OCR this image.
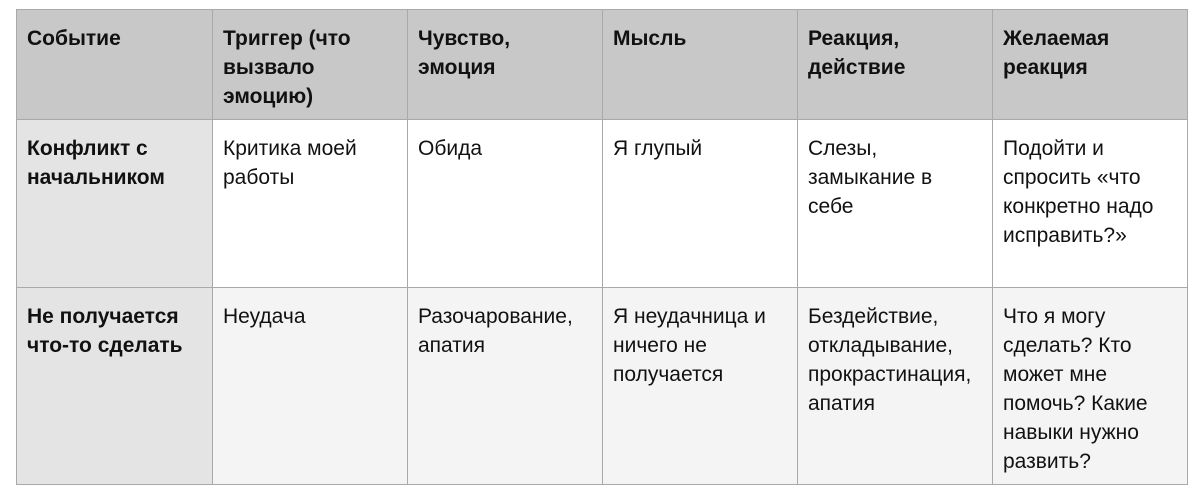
Событие	Триггер (что вызвало эмоцию)	Чувство, эмоция	Мысль	Реакция, действие	Желаемая реакция
Конфликт с начальником	Критика моей работы	Обида	Я глупый	Слезы, замыкание в себе	Подойти и спросить «что конкретно надо исправить?»
Не получается что-то сделать	Неудача	Разочарование, апатия	Я неудачница и ничего не получается	Бездействие, откладывание, прокрастинация, апатия	Что я могу сделать? Кто может мне помочь? Какие навыки нужно развить?
